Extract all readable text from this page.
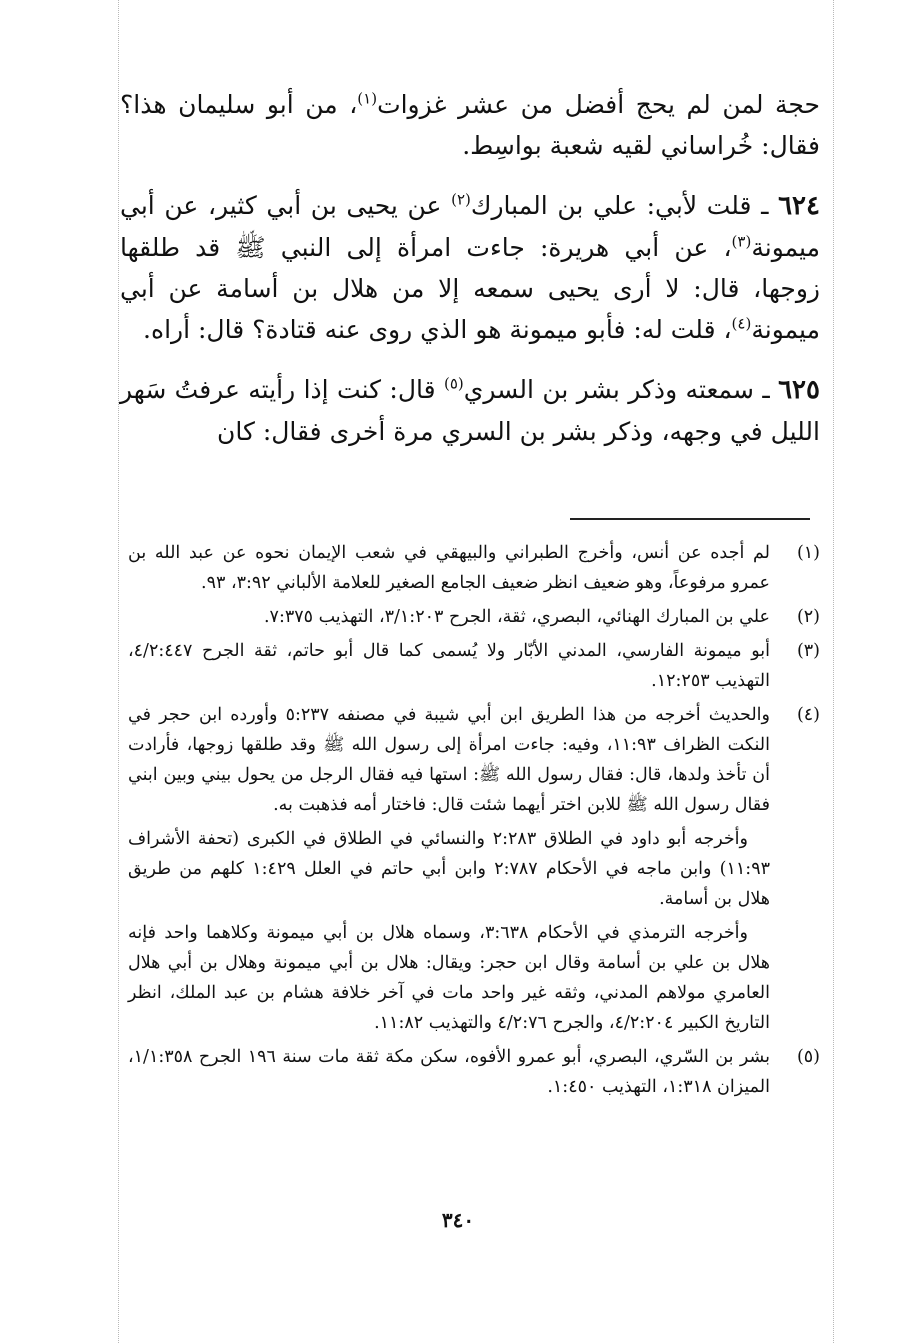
حجة لمن لم يحج أفضل من عشر غزوات$^{(١)}$، من أبو سليمان هذا؟ فقال: خُراساني لقيه شعبة بواسِط.

٦٢٤ ـ قلت لأبي: علي بن المبارك$^{(٢)}$ عن يحيى بن أبي كثير، عن أبي ميمونة$^{(٣)}$، عن أبي هريرة: جاءت امرأة إلى النبي ﷺ قد طلقها زوجها، قال: لا أرى يحيى سمعه إلا من هلال بن أسامة عن أبي ميمونة$^{(٤)}$، قلت له: فأبو ميمونة هو الذي روى عنه قتادة؟ قال: أراه.

٦٢٥ ـ سمعته وذكر بشر بن السري$^{(٥)}$ قال: كنت إذا رأيته عرفتُ سَهر الليل في وجهه، وذكر بشر بن السري مرة أخرى فقال: كان

(١)
لم أجده عن أنس، وأخرج الطبراني والبيهقي في شعب الإيمان نحوه عن عبد الله بن عمرو مرفوعاً، وهو ضعيف انظر ضعيف الجامع الصغير للعلامة الألباني ٣:٩٢، ٩٣.
(٢)
علي بن المبارك الهنائي، البصري، ثقة، الجرح ٣/١:٢٠٣، التهذيب ٧:٣٧٥.
(٣)
أبو ميمونة الفارسي، المدني الأبّار ولا يُسمى كما قال أبو حاتم، ثقة الجرح ٤/٢:٤٤٧، التهذيب ١٢:٢٥٣.
(٤)
والحديث أخرجه من هذا الطريق ابن أبي شيبة في مصنفه ٥:٢٣٧ وأورده ابن حجر في النكت الظراف ١١:٩٣، وفيه: جاءت امرأة إلى رسول الله ﷺ وقد طلقها زوجها، فأرادت أن تأخذ ولدها، قال: فقال رسول الله ﷺ: استها فيه فقال الرجل من يحول بيني وبين ابني فقال رسول الله ﷺ للابن اختر أيهما شئت قال: فاختار أمه فذهبت به.
وأخرجه أبو داود في الطلاق ٢:٢٨٣ والنسائي في الطلاق في الكبرى (تحفة الأشراف ١١:٩٣) وابن ماجه في الأحكام ٢:٧٨٧ وابن أبي حاتم في العلل ١:٤٢٩ كلهم من طريق هلال بن أسامة.
وأخرجه الترمذي في الأحكام ٣:٦٣٨، وسماه هلال بن أبي ميمونة وكلاهما واحد فإنه هلال بن علي بن أسامة وقال ابن حجر: ويقال: هلال بن أبي ميمونة وهلال بن أبي هلال العامري مولاهم المدني، وثقه غير واحد مات في آخر خلافة هشام بن عبد الملك، انظر التاريخ الكبير ٤/٢:٢٠٤، والجرح ٤/٢:٧٦ والتهذيب ١١:٨٢.
(٥)
بشر بن السّري، البصري، أبو عمرو الأفوه، سكن مكة ثقة مات سنة ١٩٦ الجرح ١/١:٣٥٨، الميزان ١:٣١٨، التهذيب ١:٤٥٠.
٣٤٠
